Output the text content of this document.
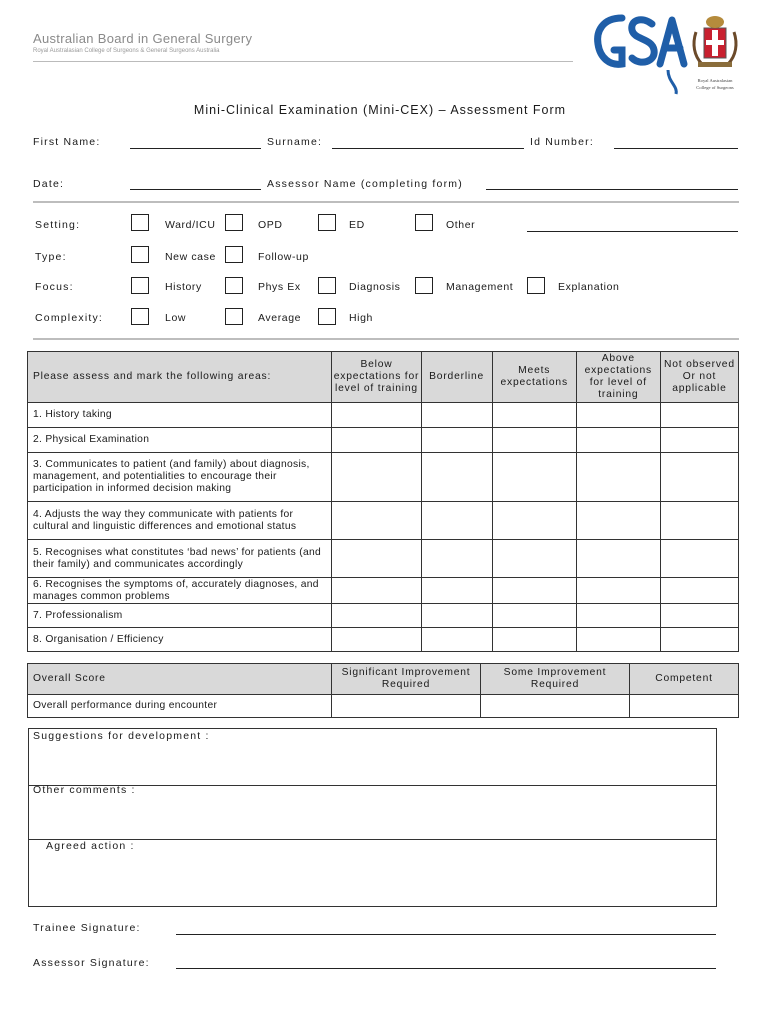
Australian Board in General Surgery
Royal Australasian College of Surgeons & General Surgeons Australia
Royal Australasian
College of Surgeons
Mini-Clinical Examination (Mini-CEX) – Assessment Form
First Name:	Surname:	Id Number:
Date:	Assessor Name (completing form)
Setting:	Ward/ICU	OPD	ED	Other
Type:	New case	Follow-up
Focus:	History	Phys Ex	Diagnosis	Management	Explanation
Complexity:	Low	Average	High
Please assess and mark the following areas:	Below expectations for level of training	Borderline	Meets expectations	Above expectations for level of training	Not observed Or not applicable
1. History taking					
2. Physical Examination					
3. Communicates to patient (and family) about diagnosis, management, and potentialities to encourage their participation in informed decision making					
4. Adjusts the way they communicate with patients for cultural and linguistic differences and emotional status					
5. Recognises what constitutes ‘bad news’ for patients (and their family) and communicates accordingly					
6. Recognises the symptoms of, accurately diagnoses, and manages common problems					
7. Professionalism					
8. Organisation / Efficiency					
Overall Score	Significant Improvement Required	Some Improvement Required	Competent
Overall performance during encounter			
Suggestions for development :
Other comments :
Agreed action :
Trainee Signature:
Assessor Signature:
